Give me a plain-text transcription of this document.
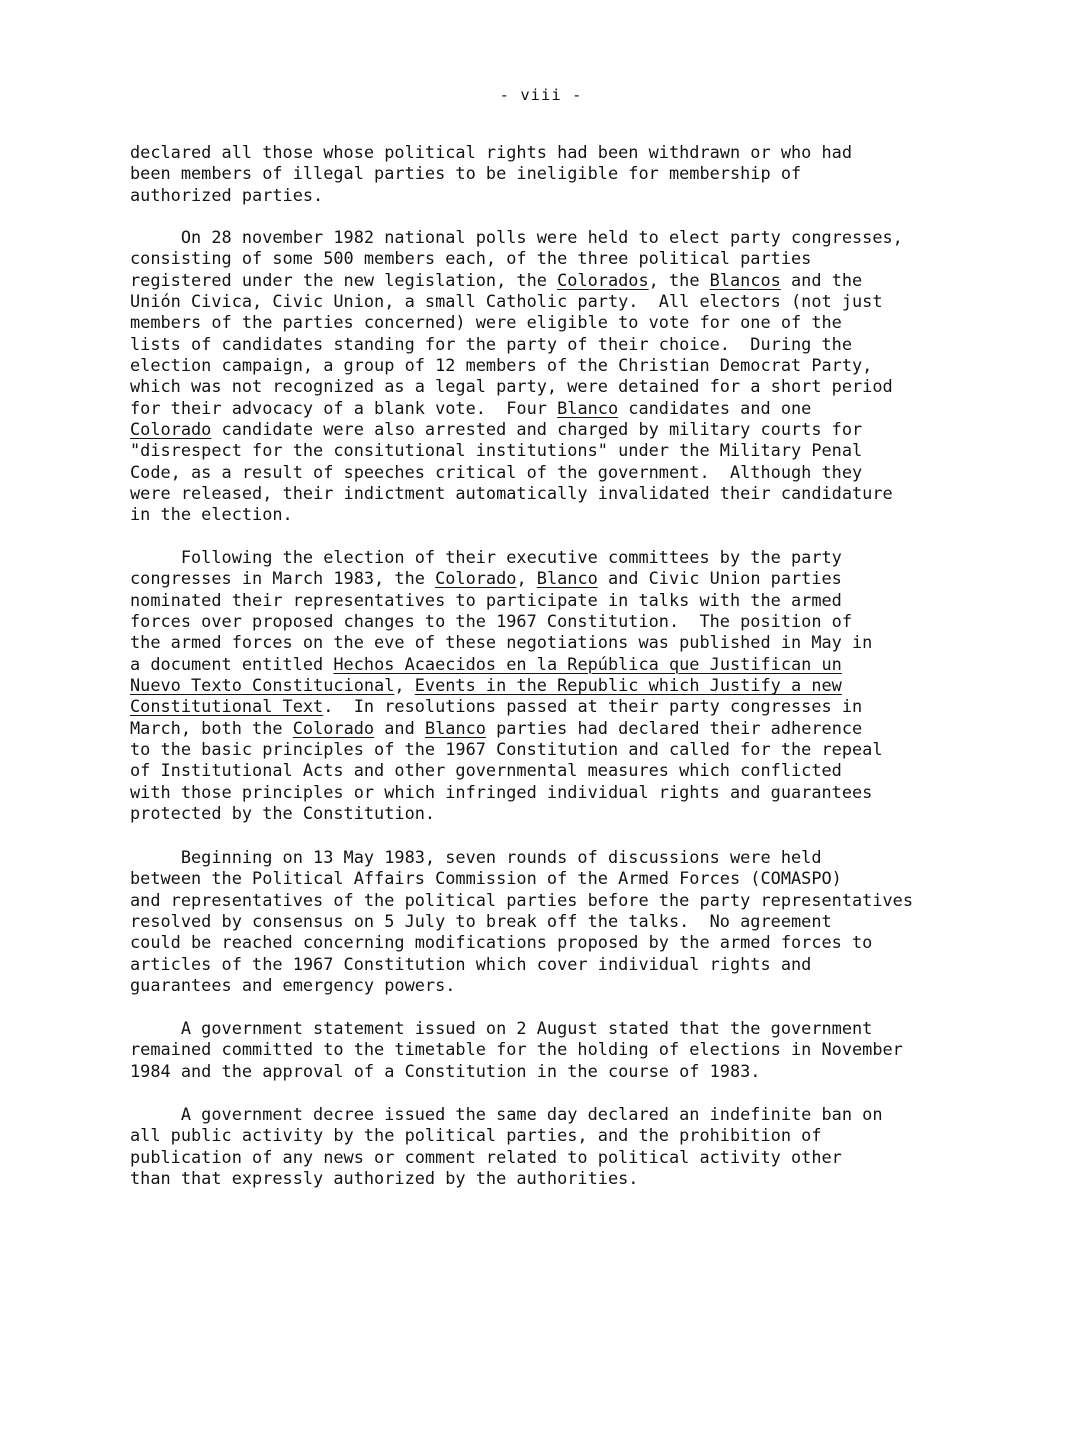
- viii -
declared all those whose political rights had been withdrawn or who had
been members of illegal parties to be ineligible for membership of
authorized parties.
On 28 november 1982 national polls were held to elect party congresses,
consisting of some 500 members each, of the three political parties
registered under the new legislation, the Colorados, the Blancos and the
Unión Civica, Civic Union, a small Catholic party.  All electors (not just
members of the parties concerned) were eligible to vote for one of the
lists of candidates standing for the party of their choice.  During the
election campaign, a group of 12 members of the Christian Democrat Party,
which was not recognized as a legal party, were detained for a short period
for their advocacy of a blank vote.  Four Blanco candidates and one
Colorado candidate were also arrested and charged by military courts for
"disrespect for the consitutional institutions" under the Military Penal
Code, as a result of speeches critical of the government.  Although they
were released, their indictment automatically invalidated their candidature
in the election.
Following the election of their executive committees by the party
congresses in March 1983, the Colorado, Blanco and Civic Union parties
nominated their representatives to participate in talks with the armed
forces over proposed changes to the 1967 Constitution.  The position of
the armed forces on the eve of these negotiations was published in May in
a document entitled Hechos Acaecidos en la República que Justifican un
Nuevo Texto Constitucional, Events in the Republic which Justify a new
Constitutional Text.  In resolutions passed at their party congresses in
March, both the Colorado and Blanco parties had declared their adherence
to the basic principles of the 1967 Constitution and called for the repeal
of Institutional Acts and other governmental measures which conflicted
with those principles or which infringed individual rights and guarantees
protected by the Constitution.
Beginning on 13 May 1983, seven rounds of discussions were held
between the Political Affairs Commission of the Armed Forces (COMASPO)
and representatives of the political parties before the party representatives
resolved by consensus on 5 July to break off the talks.  No agreement
could be reached concerning modifications proposed by the armed forces to
articles of the 1967 Constitution which cover individual rights and
guarantees and emergency powers.
A government statement issued on 2 August stated that the government
remained committed to the timetable for the holding of elections in November
1984 and the approval of a Constitution in the course of 1983.
A government decree issued the same day declared an indefinite ban on
all public activity by the political parties, and the prohibition of
publication of any news or comment related to political activity other
than that expressly authorized by the authorities.
